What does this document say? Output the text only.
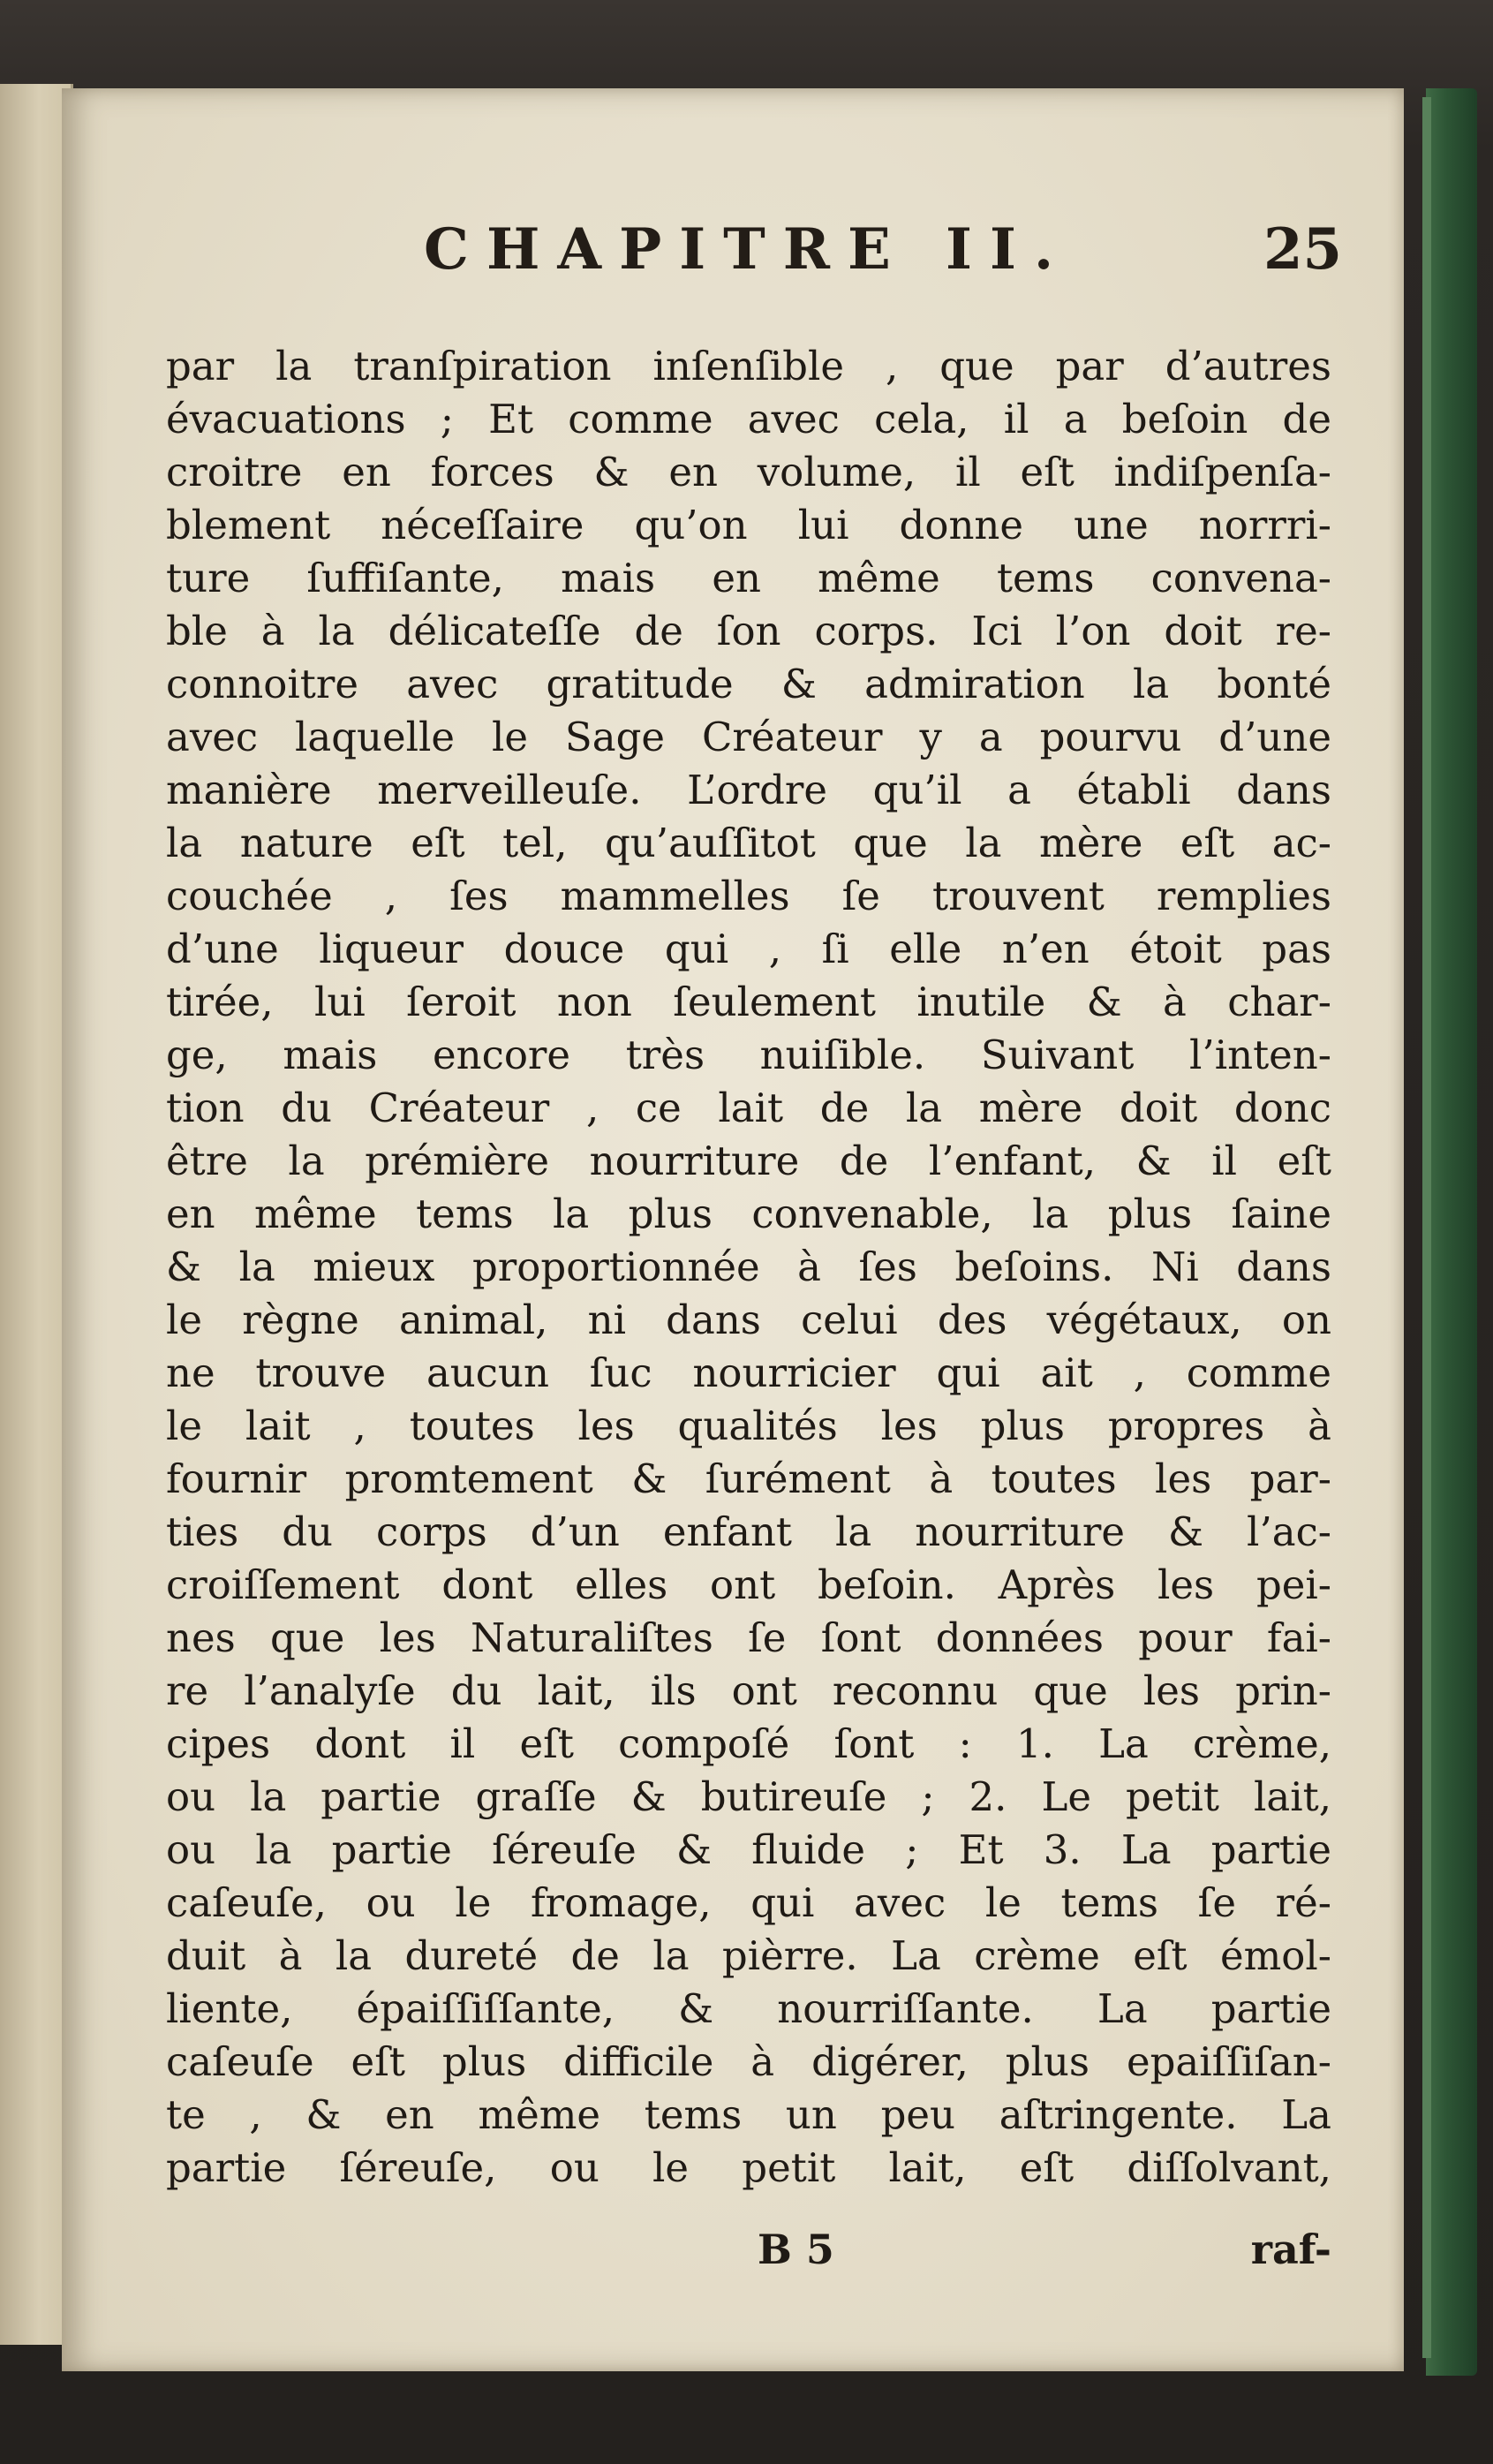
CHAPITRE II.	25
par la tranſpiration inſenſible , que par d’autres
évacuations ; Et comme avec cela, il a beſoin de
croitre en forces & en volume, il eſt indiſpenſa-
blement néceſſaire qu’on lui donne une norrri-
ture ſuffiſante, mais en même tems convena-
ble à la délicateſſe de ſon corps. Ici l’on doit re-
connoitre avec gratitude & admiration la bonté
avec laquelle le Sage Créateur y a pourvu d’une
manière merveilleuſe. L’ordre qu’il a établi dans
la nature eſt tel, qu’auſſitot que la mère eſt ac-
couchée , ſes mammelles ſe trouvent remplies
d’une liqueur douce qui , ſi elle n’en étoit pas
tirée, lui ſeroit non ſeulement inutile & à char-
ge, mais encore très nuiſible. Suivant l’inten-
tion du Créateur , ce lait de la mère doit donc
être la prémière nourriture de l’enfant, & il eſt
en même tems la plus convenable, la plus ſaine
& la mieux proportionnée à ſes beſoins. Ni dans
le règne animal, ni dans celui des végétaux, on
ne trouve aucun ſuc nourricier qui ait , comme
le lait , toutes les qualités les plus propres à
fournir promtement & ſurément à toutes les par-
ties du corps d’un enfant la nourriture & l’ac-
croiſſement dont elles ont beſoin. Après les pei-
nes que les Naturaliſtes ſe ſont données pour fai-
re l’analyſe du lait, ils ont reconnu que les prin-
cipes dont il eſt compoſé ſont : 1. La crème,
ou la partie graſſe & butireuſe ; 2. Le petit lait,
ou la partie ſéreuſe & fluide ; Et 3. La partie
caſeuſe, ou le fromage, qui avec le tems ſe ré-
duit à la dureté de la pièrre. La crème eſt émol-
liente, épaiſſiſſante, & nourriſſante. La partie
caſeuſe eſt plus difficile à digérer, plus epaiſſiſan-
te , & en même tems un peu aſtringente. La
partie ſéreuſe, ou le petit lait, eſt diſſolvant,
B 5	raf-
